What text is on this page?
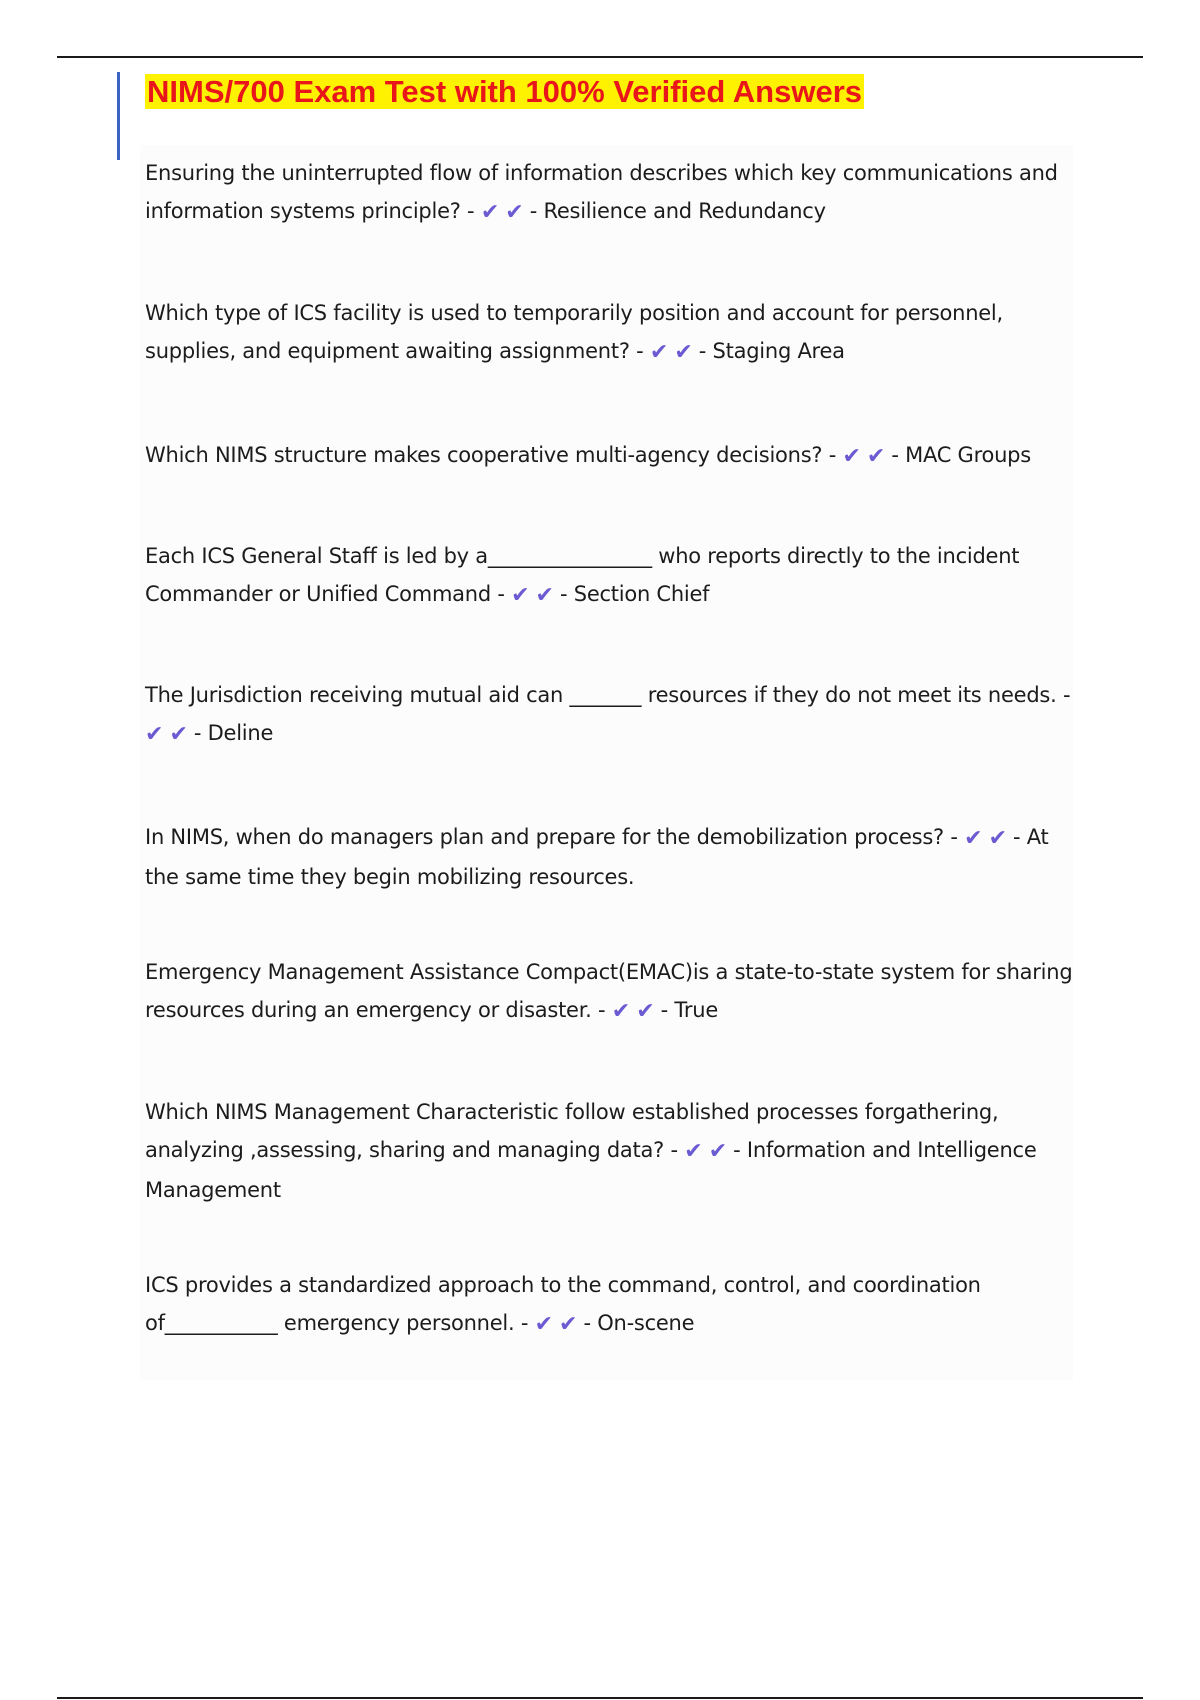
NIMS/700 Exam Test with 100% Verified Answers

Ensuring the uninterrupted flow of information describes which key communications and information systems principle? - ✔✔- Resilience and Redundancy

Which type of ICS facility is used to temporarily position and account for personnel, supplies, and equipment awaiting assignment? - ✔✔- Staging Area

Which NIMS structure makes cooperative multi-agency decisions? - ✔✔- MAC Groups

Each ICS General Staff is led by a________________ who reports directly to the incident Commander or Unified Command - ✔✔- Section Chief

The Jurisdiction receiving mutual aid can _______ resources if they do not meet its needs. - ✔✔- Deline

In NIMS, when do managers plan and prepare for the demobilization process? - ✔✔- At the same time they begin mobilizing resources.

Emergency Management Assistance Compact(EMAC)is a state-to-state system for sharing resources during an emergency or disaster. - ✔✔- True

Which NIMS Management Characteristic follow established processes forgathering, analyzing ,assessing, sharing and managing data? - ✔✔- Information and Intelligence Management

ICS provides a standardized approach to the command, control, and coordination of___________ emergency personnel. - ✔✔- On-scene
